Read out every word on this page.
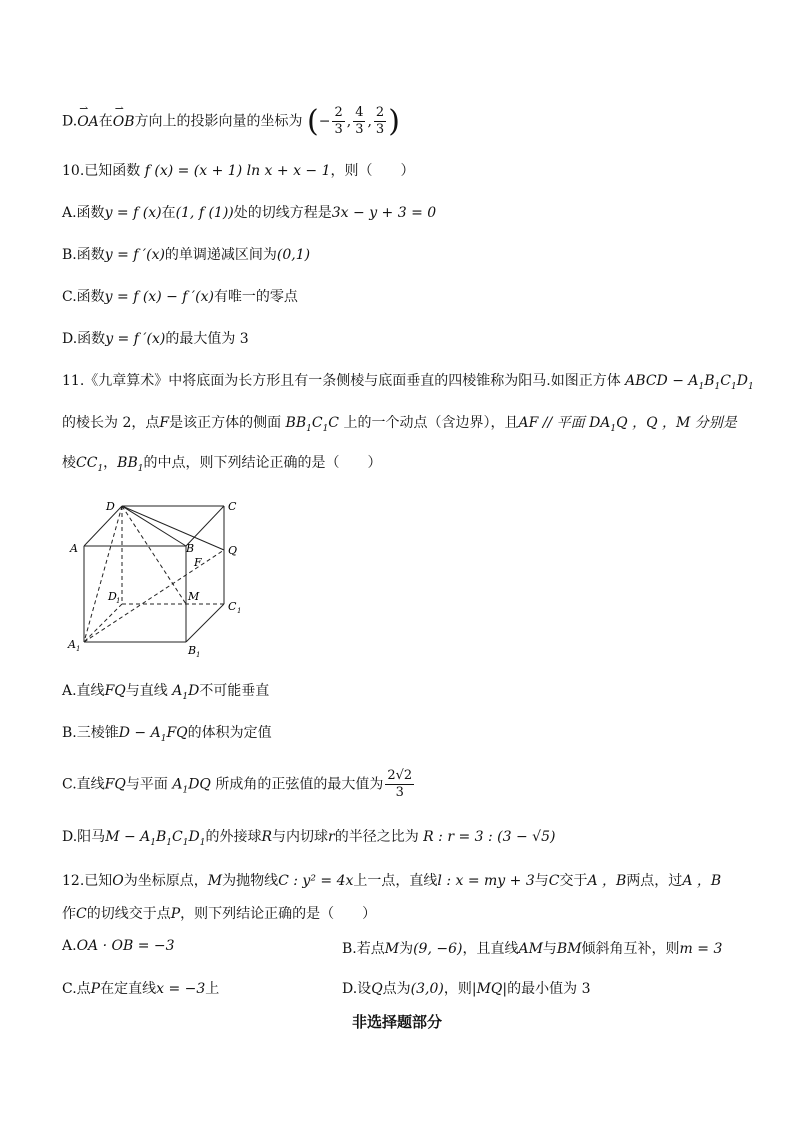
D.⇀ OA在⇀ OB方向上的投影向量的坐标为 (− $\frac{2}{3}$ , $\frac{4}{3}$ , $\frac{2}{3}$ )
10.已知函数 f (x) = (x + 1) ln x + x − 1，则（　　）
A.函数y = f (x)在(1, f (1))处的切线方程是3x − y + 3 = 0
B.函数y = f ′(x)的单调递减区间为(0,1)
C.函数y = f (x) − f ′(x)有唯一的零点
D.函数y = f ′(x)的最大值为 3
11.《九章算术》中将底面为长方形且有一条侧棱与底面垂直的四棱锥称为阳马.如图正方体 ABCD − $A_1B_1C_1D_1$
的棱长为 2，点F是该正方体的侧面 $BB_1C_1C$ 上的一个动点（含边界），且AF // 平面 $DA_1Q$ ，Q ，M 分别是
棱$CC_1$，$BB_1$的中点，则下列结论正确的是（　　）
D	C
A	B	Q
F
D 1	M
C 1
A 1	B 1
A.直线FQ与直线 $A_1D$不可能垂直
B.三棱锥$D - A_1FQ$的体积为定值
C.直线FQ与平面 $A_1DQ$ 所成角的正弦值的最大值为 $\frac{2√2}{3}$
D.阳马$M - A_1B_1C_1D_1$的外接球R与内切球r的半径之比为 R : r = 3 : (3 − √5)
12.已知O为坐标原点，M为抛物线C : y² = 4x上一点，直线l : x = my + 3与C交于A ，B两点，过A ，B
作C的切线交于点P，则下列结论正确的是（　　）
A.OA · OB = −3	B.若点M为(9, −6)，且直线AM与BM倾斜角互补，则m = 3
C.点P在定直线x = −3上	D.设Q点为(3,0)，则|MQ|的最小值为 3
非选择题部分
